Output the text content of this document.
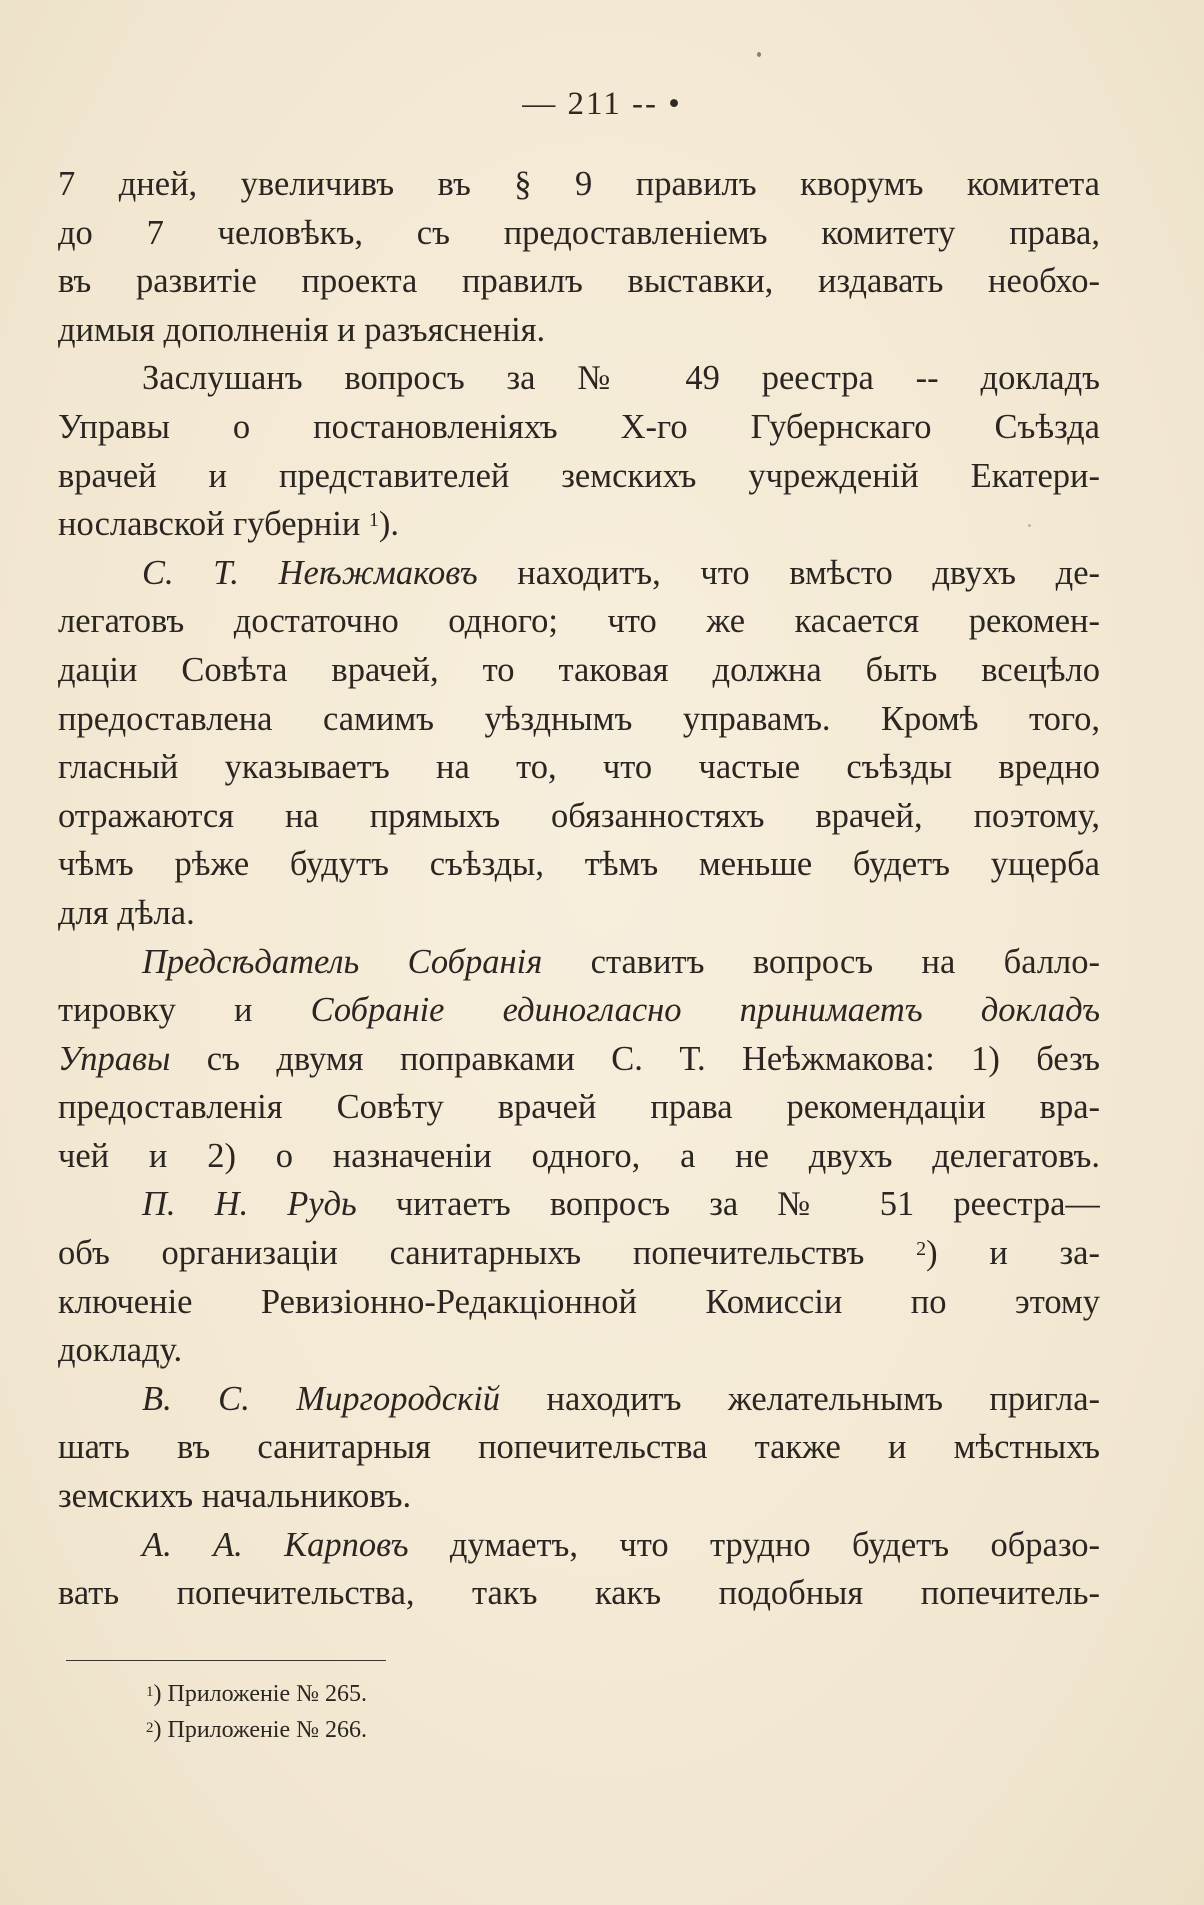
— 211 -- •
7 дней, увеличивъ въ § 9 правилъ кворумъ комитета
до 7 человѣкъ, съ предоставленіемъ комитету права,
въ развитіе проекта правилъ выставки, издавать необхо-
димыя дополненія и разъясненія.
Заслушанъ вопросъ за № 49 реестра -- докладъ
Управы о постановленіяхъ X-го Губернскаго Съѣзда
врачей и представителей земскихъ учрежденій Екатери-
нославской губерніи $^1$).
С. Т. Неѣжмаковъ находитъ, что вмѣсто двухъ де-
легатовъ достаточно одного; что же касается рекомен-
даціи Совѣта врачей, то таковая должна быть всецѣло
предоставлена самимъ уѣзднымъ управамъ. Кромѣ того,
гласный указываетъ на то, что частые съѣзды вредно
отражаются на прямыхъ обязанностяхъ врачей, поэтому,
чѣмъ рѣже будутъ съѣзды, тѣмъ меньше будетъ ущерба
для дѣла.
Предсѣдатель Собранія ставитъ вопросъ на балло-
тировку и Собраніе единогласно принимаетъ докладъ
Управы съ двумя поправками С. Т. Неѣжмакова: 1) безъ
предоставленія Совѣту врачей права рекомендаціи вра-
чей и 2) о назначеніи одного, а не двухъ делегатовъ.
П. Н. Рудь читаетъ вопросъ за № 51 реестра—
объ организаціи санитарныхъ попечительствъ	$^2$) и за-
ключеніе Ревизіонно-Редакціонной Комиссіи по этому
докладу.
В. С. Миргородскій находитъ желательнымъ пригла-
шать въ санитарныя попечительства также и мѣстныхъ
земскихъ начальниковъ.
А. А. Карповъ думаетъ, что трудно будетъ образо-
вать попечительства, такъ какъ подобныя попечитель-
$^1$) Приложеніе № 265.
$^2$) Приложеніе № 266.
